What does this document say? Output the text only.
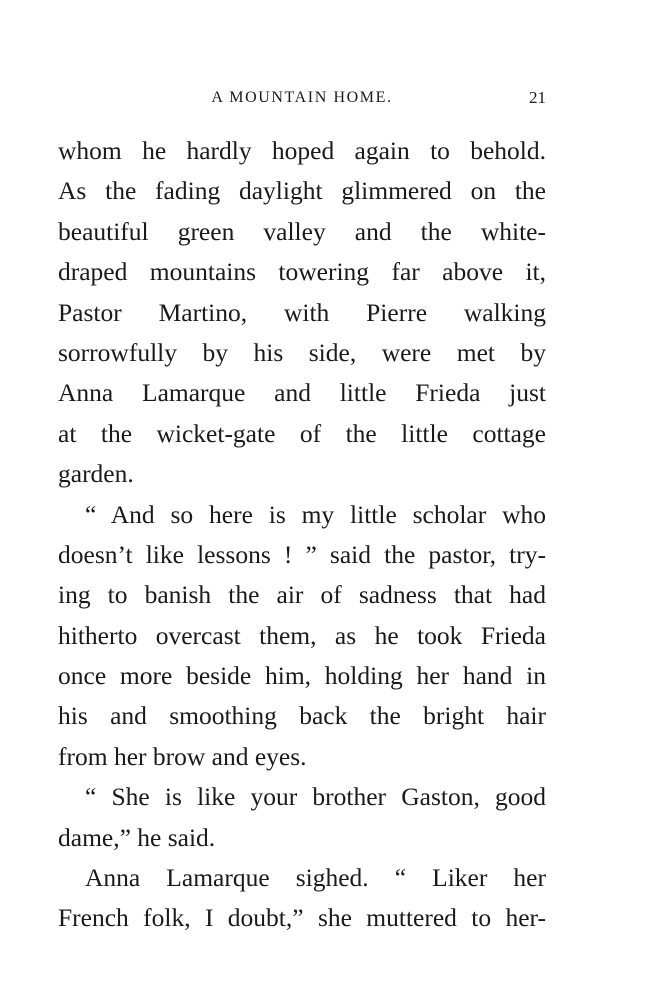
A MOUNTAIN HOME.	21
whom he hardly hoped again to behold.
As the fading daylight glimmered on the
beautiful green valley and the white-
draped mountains towering far above it,
Pastor Martino, with Pierre walking
sorrowfully by his side, were met by
Anna Lamarque and little Frieda just
at the wicket-gate of the little cottage
garden.
“ And so here is my little scholar who
doesn’t like lessons ! ” said the pastor, try-
ing to banish the air of sadness that had
hitherto overcast them, as he took Frieda
once more beside him, holding her hand in
his and smoothing back the bright hair
from her brow and eyes.
“ She is like your brother Gaston, good
dame,” he said.
Anna Lamarque sighed. “ Liker her
French folk, I doubt,” she muttered to her-
